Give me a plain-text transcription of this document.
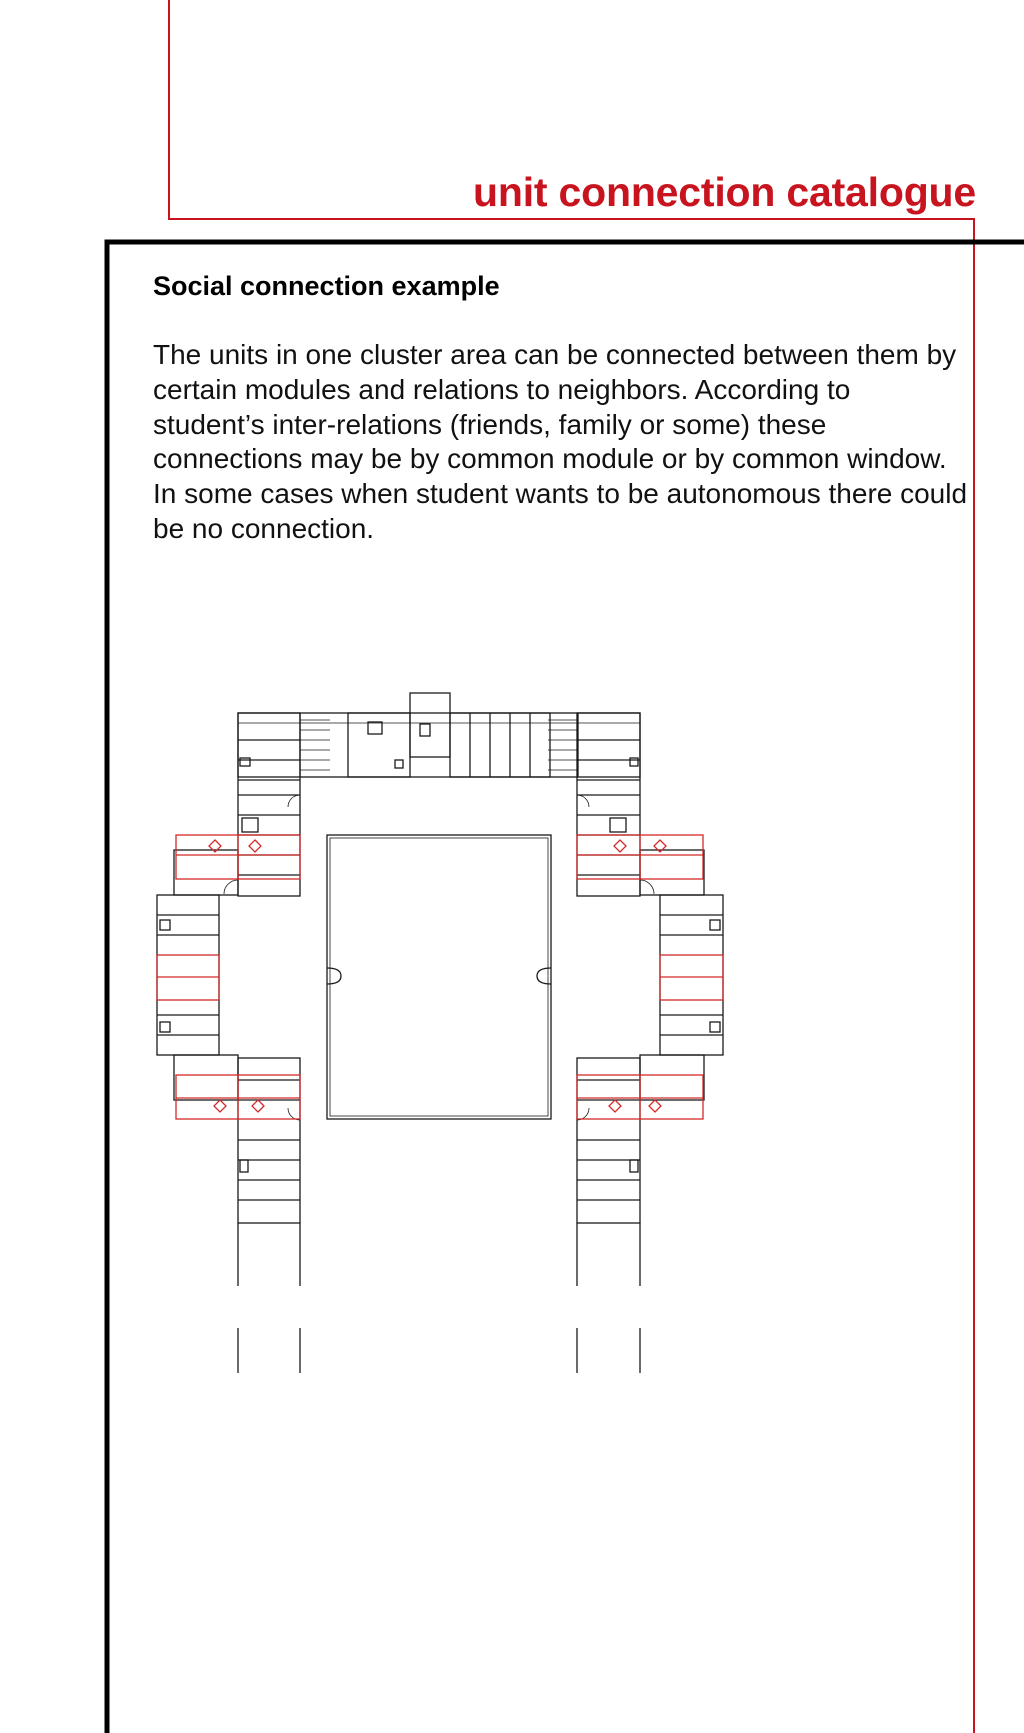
unit connection catalogue
Social connection example

The units in one cluster area can be connected between them by certain modules and relations to neighbors. According to student’s inter-relations (friends, family or some) these connections may be by common module or by common window. In some cases when student wants to be autonomous there could be no connection.
